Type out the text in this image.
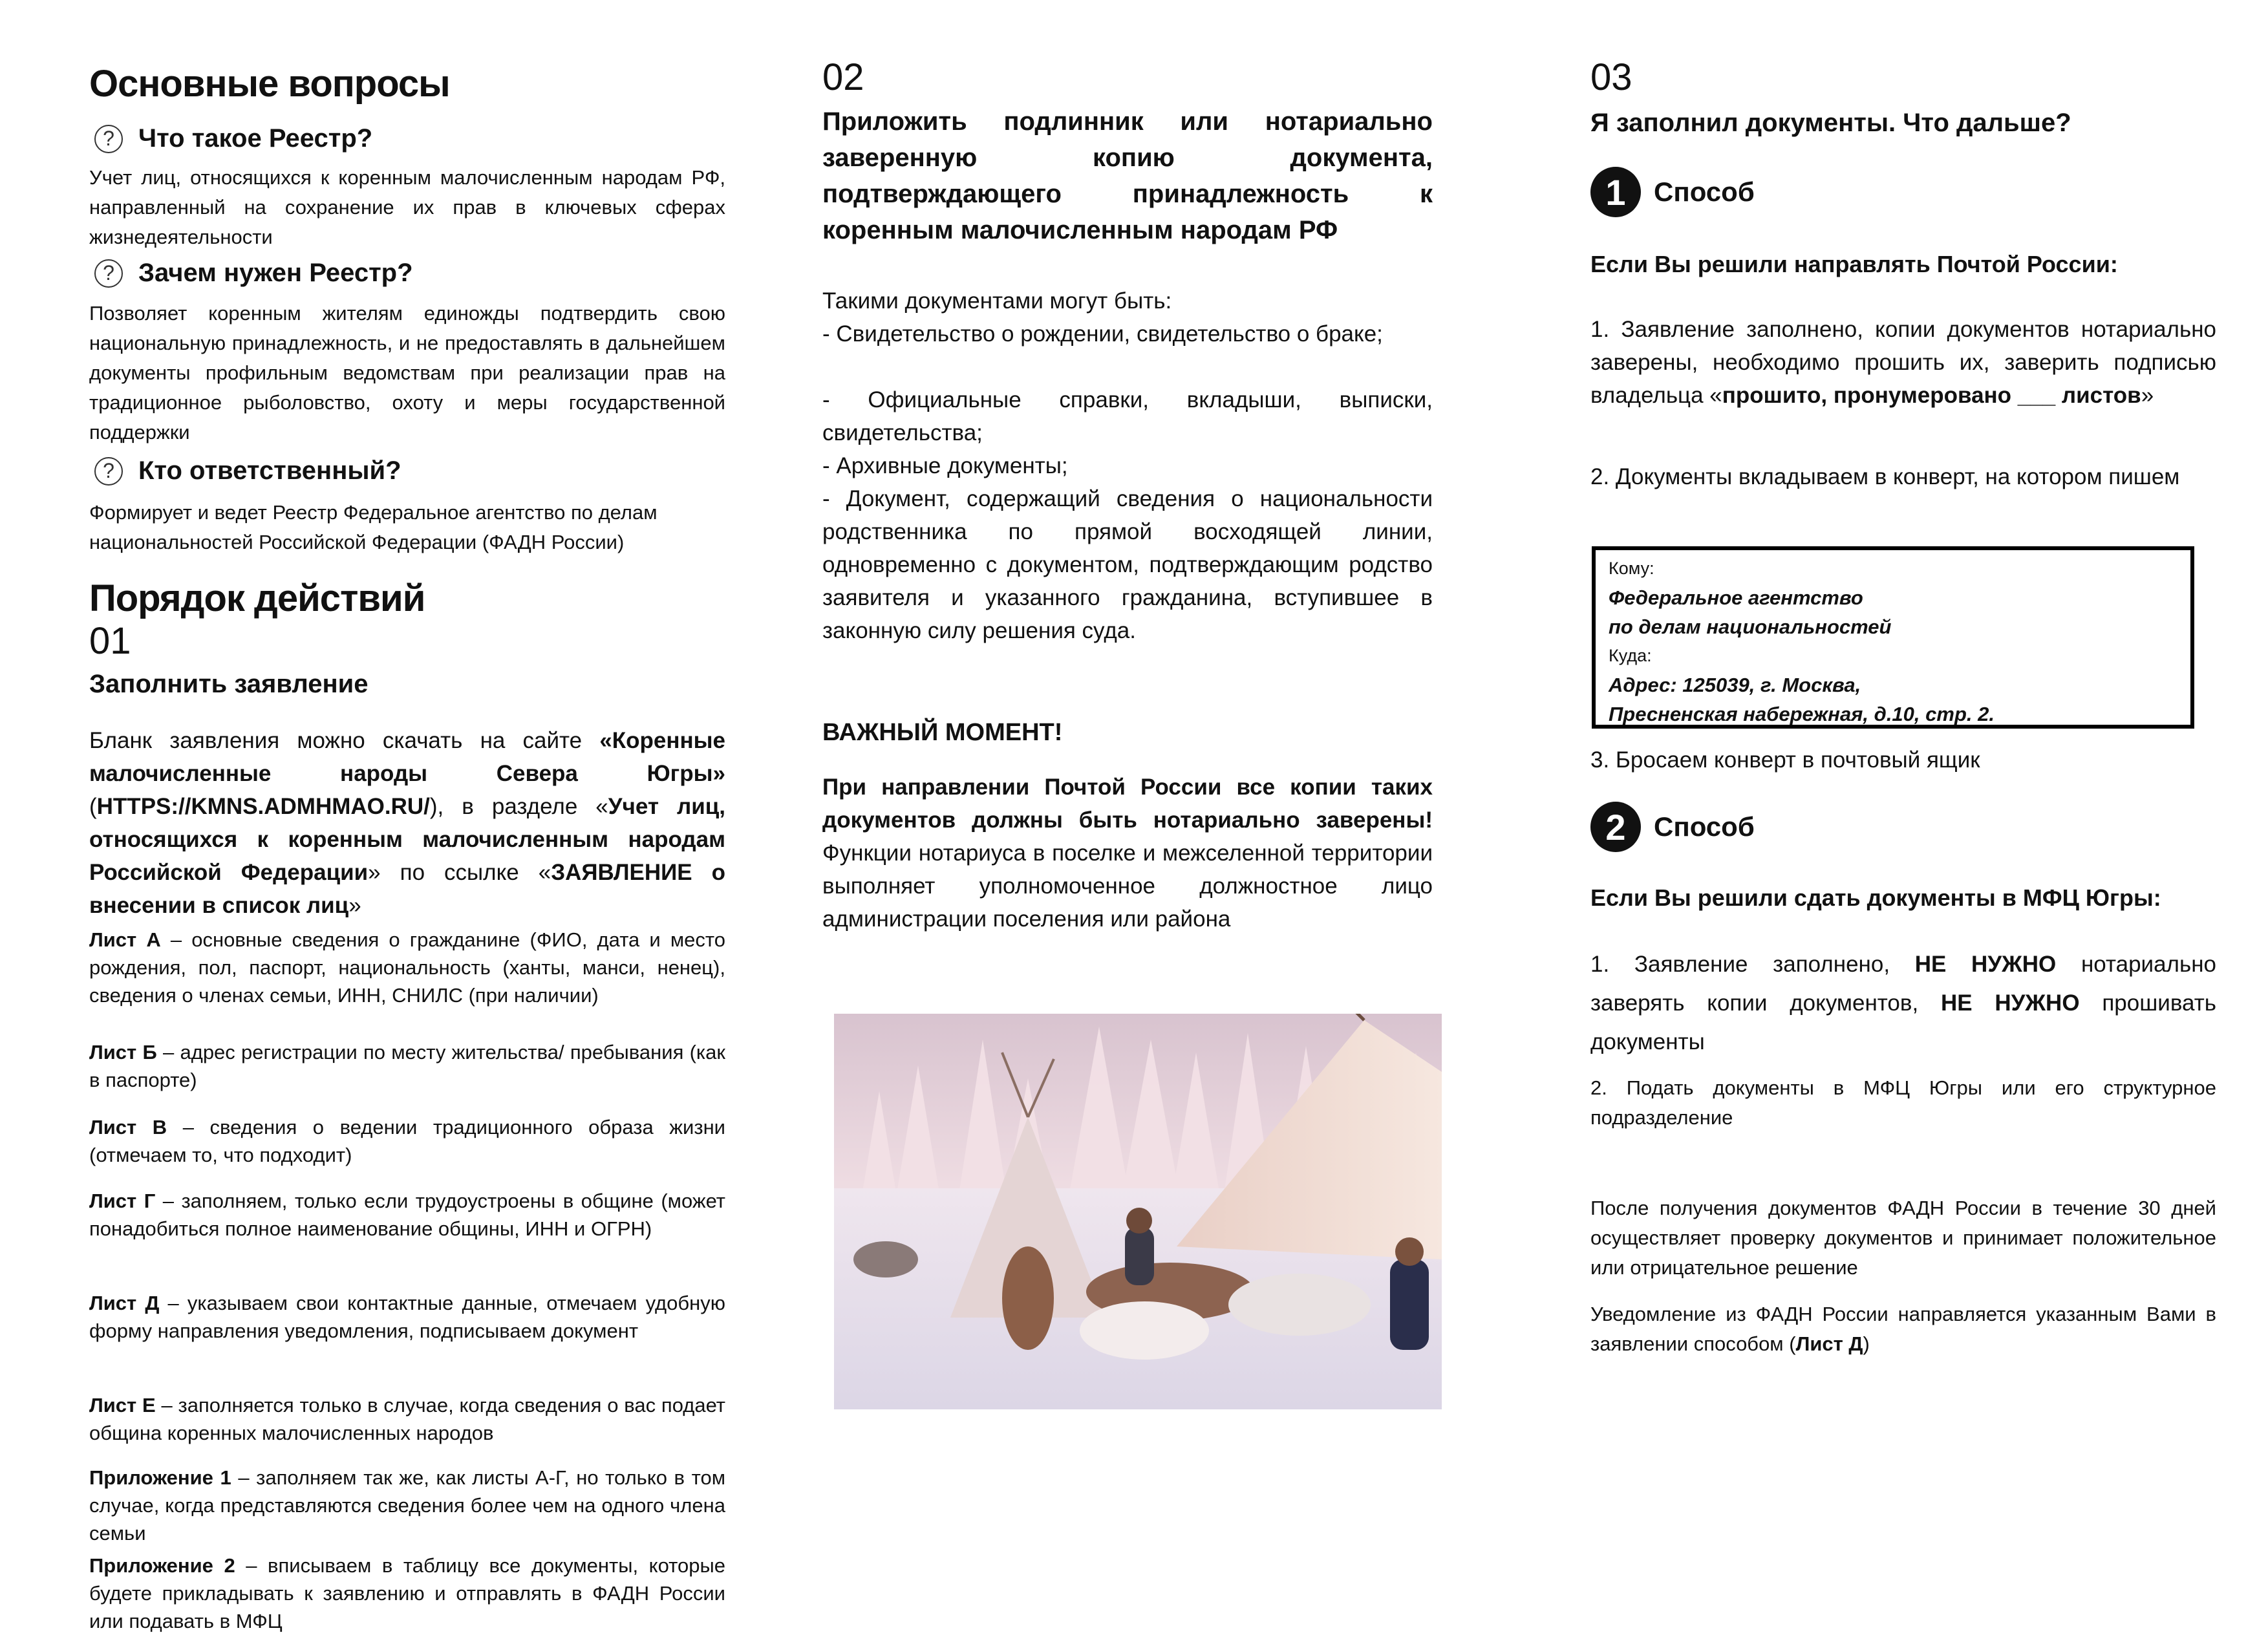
Основные вопросы
? Что такое Реестр?
Учет лиц, относящихся к коренным малочисленным народам РФ, направленный на сохранение их прав в ключевых сферах жизнедеятельности
? Зачем нужен Реестр?
Позволяет коренным жителям единожды подтвердить свою национальную принадлежность, и не предоставлять в дальнейшем документы профильным ведомствам при реализации прав на традиционное рыболовство, охоту и меры государственной поддержки
? Кто ответственный?
Формирует и ведет Реестр Федеральное агентство по делам национальностей Российской Федерации (ФАДН России)
Порядок действий
01
Заполнить заявление
Бланк заявления можно скачать на сайте «Коренные малочисленные народы Севера Югры» (HTTPS://KMNS.ADMHMAO.RU/), в разделе «Учет лиц, относящихся к коренным малочисленным народам Российской Федерации» по ссылке «ЗАЯВЛЕНИЕ о внесении в список лиц»
Лист А – основные сведения о гражданине (ФИО, дата и место рождения, пол, паспорт, национальность (ханты, манси, ненец), сведения о членах семьи, ИНН, СНИЛС (при наличии)
Лист Б – адрес регистрации по месту жительства/ пребывания (как в паспорте)
Лист В – сведения о ведении традиционного образа жизни (отмечаем то, что подходит)
Лист Г – заполняем, только если трудоустроены в общине (может понадобиться полное наименование общины, ИНН и ОГРН)
Лист Д – указываем свои контактные данные, отмечаем удобную форму направления уведомления, подписываем документ
Лист Е – заполняется только в случае, когда сведения о вас подает община коренных малочисленных народов
Приложение 1 – заполняем так же, как листы А-Г, но только в том случае, когда представляются сведения более чем на одного члена семьи
Приложение 2 – вписываем в таблицу все документы, которые будете прикладывать к заявлению и отправлять в ФАДН России или подавать в МФЦ
02
Приложить подлинник или нотариально заверенную копию документа, подтверждающего принадлежность к коренным малочисленным народам РФ
Такими документами могут быть:
- Свидетельство о рождении, свидетельство о браке;
- Официальные справки, вкладыши, выписки, свидетельства;
- Архивные документы;
- Документ, содержащий сведения о национальности родственника по прямой восходящей линии, одновременно с документом, подтверждающим родство заявителя и указанного гражданина, вступившее в законную силу решения суда.
ВАЖНЫЙ МОМЕНТ!
При направлении Почтой России все копии таких документов должны быть нотариально заверены! Функции нотариуса в поселке и межселенной территории выполняет уполномоченное должностное лицо администрации поселения или района
03
Я заполнил документы. Что дальше?
1	Способ
Если Вы решили направлять Почтой России:
1. Заявление заполнено, копии документов нотариально заверены, необходимо прошить их, заверить подписью владельца «прошито, пронумеровано ___ листов»
2. Документы вкладываем в конверт, на котором пишем
Кому:
Федеральное агентство
по делам национальностей
Куда:
Адрес: 125039, г. Москва,
Пресненская набережная, д.10, стр. 2.
3. Бросаем конверт в почтовый ящик
2	Способ
Если Вы решили сдать документы в МФЦ Югры:
1. Заявление заполнено, НЕ НУЖНО нотариально заверять копии документов, НЕ НУЖНО прошивать документы
2. Подать документы в МФЦ Югры или его структурное подразделение
После получения документов ФАДН России в течение 30 дней осуществляет проверку документов и принимает положительное или отрицательное решение
Уведомление из ФАДН России направляется указанным Вами в заявлении способом (Лист Д)
